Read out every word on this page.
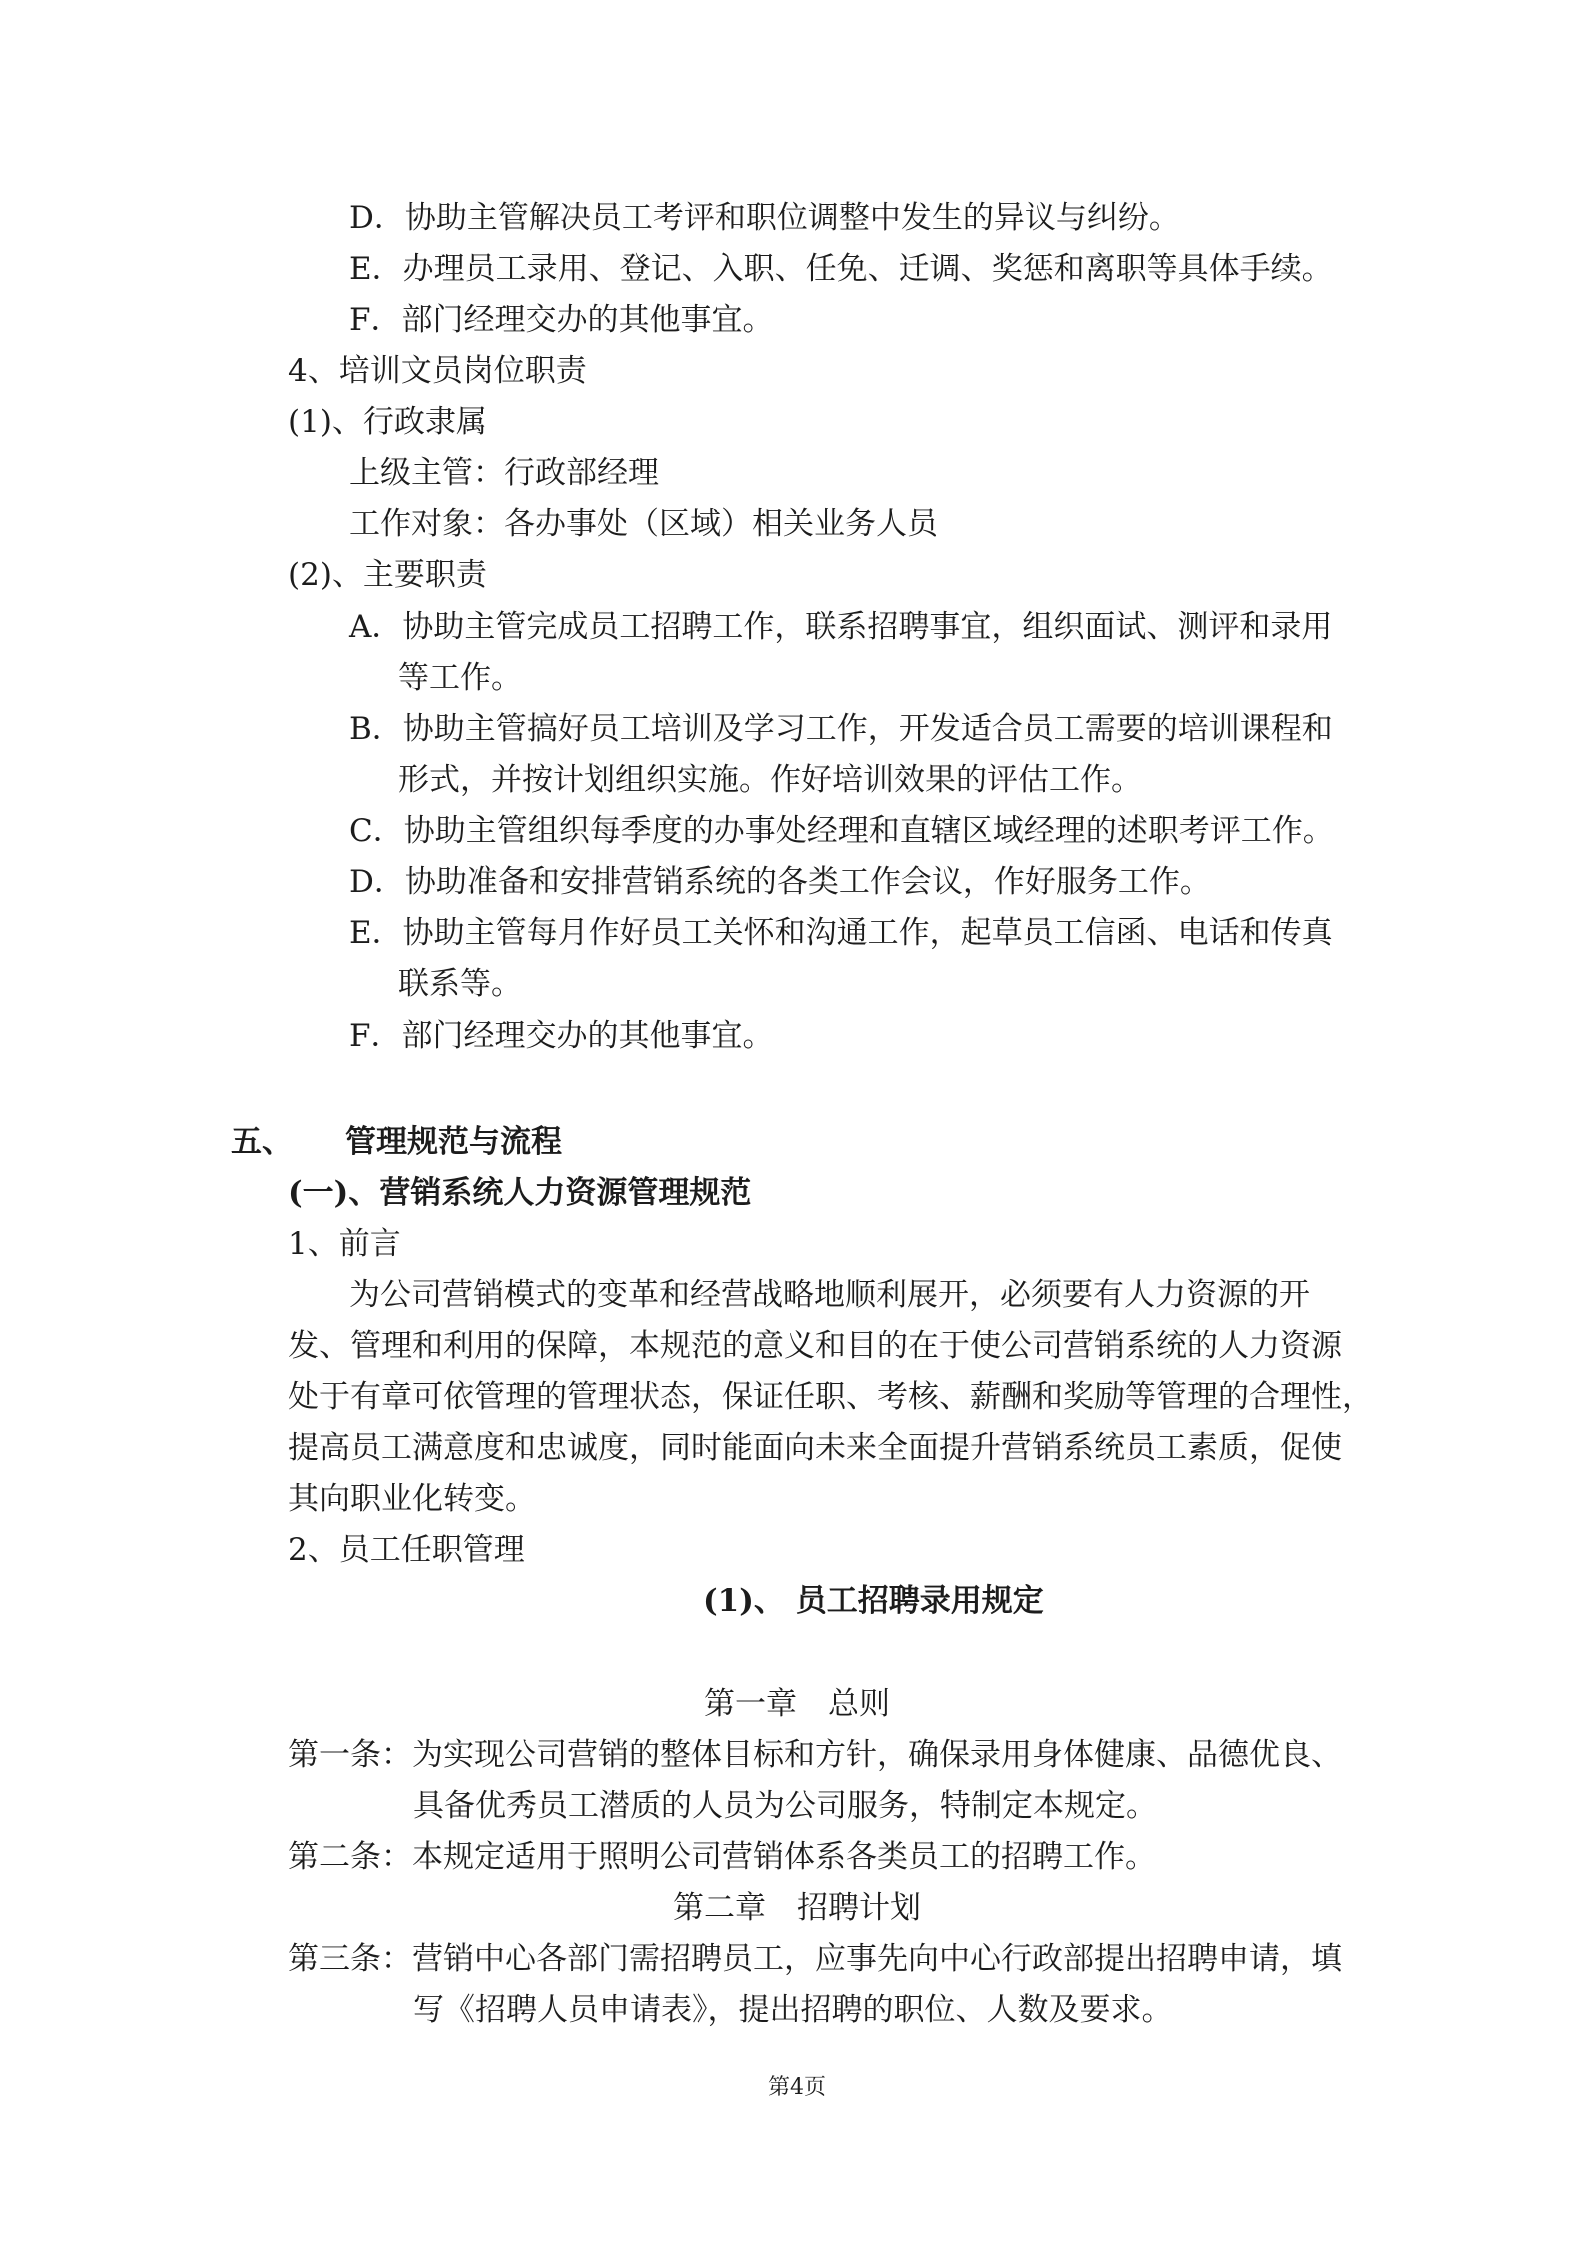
D．协助主管解决员工考评和职位调整中发生的异议与纠纷。
E．办理员工录用、登记、入职、任免、迁调、奖惩和离职等具体手续。
F．部门经理交办的其他事宜。
4、培训文员岗位职责
(1)、行政隶属
上级主管：行政部经理
工作对象：各办事处（区域）相关业务人员
(2)、主要职责
A．协助主管完成员工招聘工作，联系招聘事宜，组织面试、测评和录用
等工作。
B．协助主管搞好员工培训及学习工作，开发适合员工需要的培训课程和
形式，并按计划组织实施。作好培训效果的评估工作。
C．协助主管组织每季度的办事处经理和直辖区域经理的述职考评工作。
D．协助准备和安排营销系统的各类工作会议，作好服务工作。
E．协助主管每月作好员工关怀和沟通工作，起草员工信函、电话和传真
联系等。
F．部门经理交办的其他事宜。
五、 管理规范与流程
(一)、营销系统人力资源管理规范
1、前言
为公司营销模式的变革和经营战略地顺利展开，必须要有人力资源的开
发、管理和利用的保障，本规范的意义和目的在于使公司营销系统的人力资源
处于有章可依管理的管理状态，保证任职、考核、薪酬和奖励等管理的合理性，
提高员工满意度和忠诚度，同时能面向未来全面提升营销系统员工素质，促使
其向职业化转变。
2、员工任职管理
(1)、 员工招聘录用规定
第一章　总则
第一条：为实现公司营销的整体目标和方针，确保录用身体健康、品德优良、
具备优秀员工潜质的人员为公司服务，特制定本规定。
第二条：本规定适用于照明公司营销体系各类员工的招聘工作。
第二章　招聘计划
第三条：营销中心各部门需招聘员工，应事先向中心行政部提出招聘申请，填
写《招聘人员申请表》，提出招聘的职位、人数及要求。
第4页
